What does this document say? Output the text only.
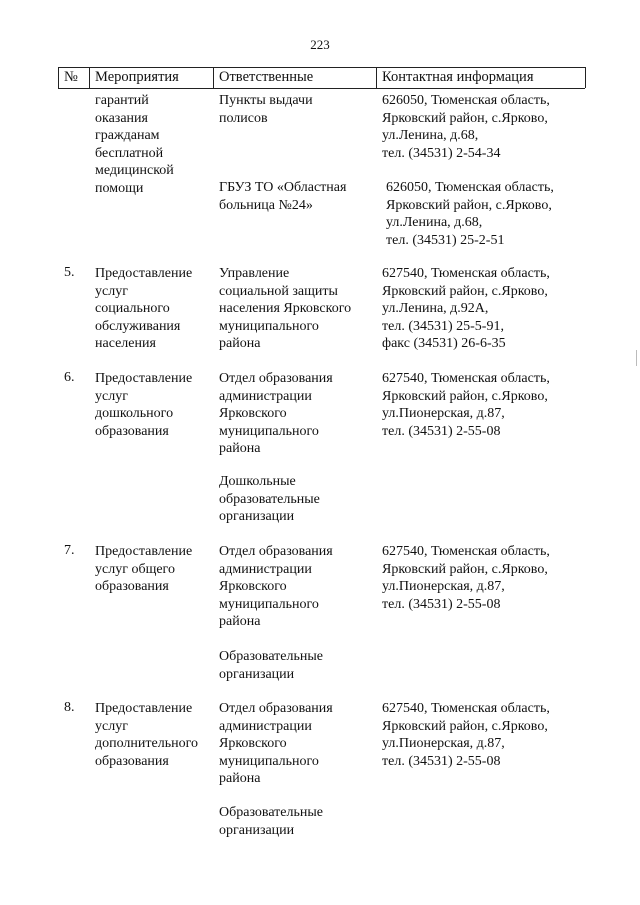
223
№ Мероприятия	Ответственные	Контактная информация
гарантий
оказания
гражданам
бесплатной
медицинской
помощи
Пункты выдачи
полисов
ГБУЗ ТО «Областная
больница №24»
626050, Тюменская область,
Ярковский район, с.Ярково,
ул.Ленина, д.68,
тел. (34531) 2-54-34
626050, Тюменская область,
Ярковский район, с.Ярково,
ул.Ленина, д.68,
тел. (34531) 25-2-51
5. Предоставление
услуг
социального
обслуживания
населения
Управление
социальной защиты
населения Ярковского
муниципального
района
627540, Тюменская область,
Ярковский район, с.Ярково,
ул.Ленина, д.92А,
тел. (34531) 25-5-91,
факс (34531) 26-6-35
6. Предоставление
услуг
дошкольного
образования
Отдел образования
администрации
Ярковского
муниципального
района
Дошкольные
образовательные
организации
627540, Тюменская область,
Ярковский район, с.Ярково,
ул.Пионерская, д.87,
тел. (34531) 2-55-08
7. Предоставление
услуг общего
образования
Отдел образования
администрации
Ярковского
муниципального
района
Образовательные
организации
627540, Тюменская область,
Ярковский район, с.Ярково,
ул.Пионерская, д.87,
тел. (34531) 2-55-08
8. Предоставление
услуг
дополнительного
образования
Отдел образования
администрации
Ярковского
муниципального
района
Образовательные
организации
627540, Тюменская область,
Ярковский район, с.Ярково,
ул.Пионерская, д.87,
тел. (34531) 2-55-08
